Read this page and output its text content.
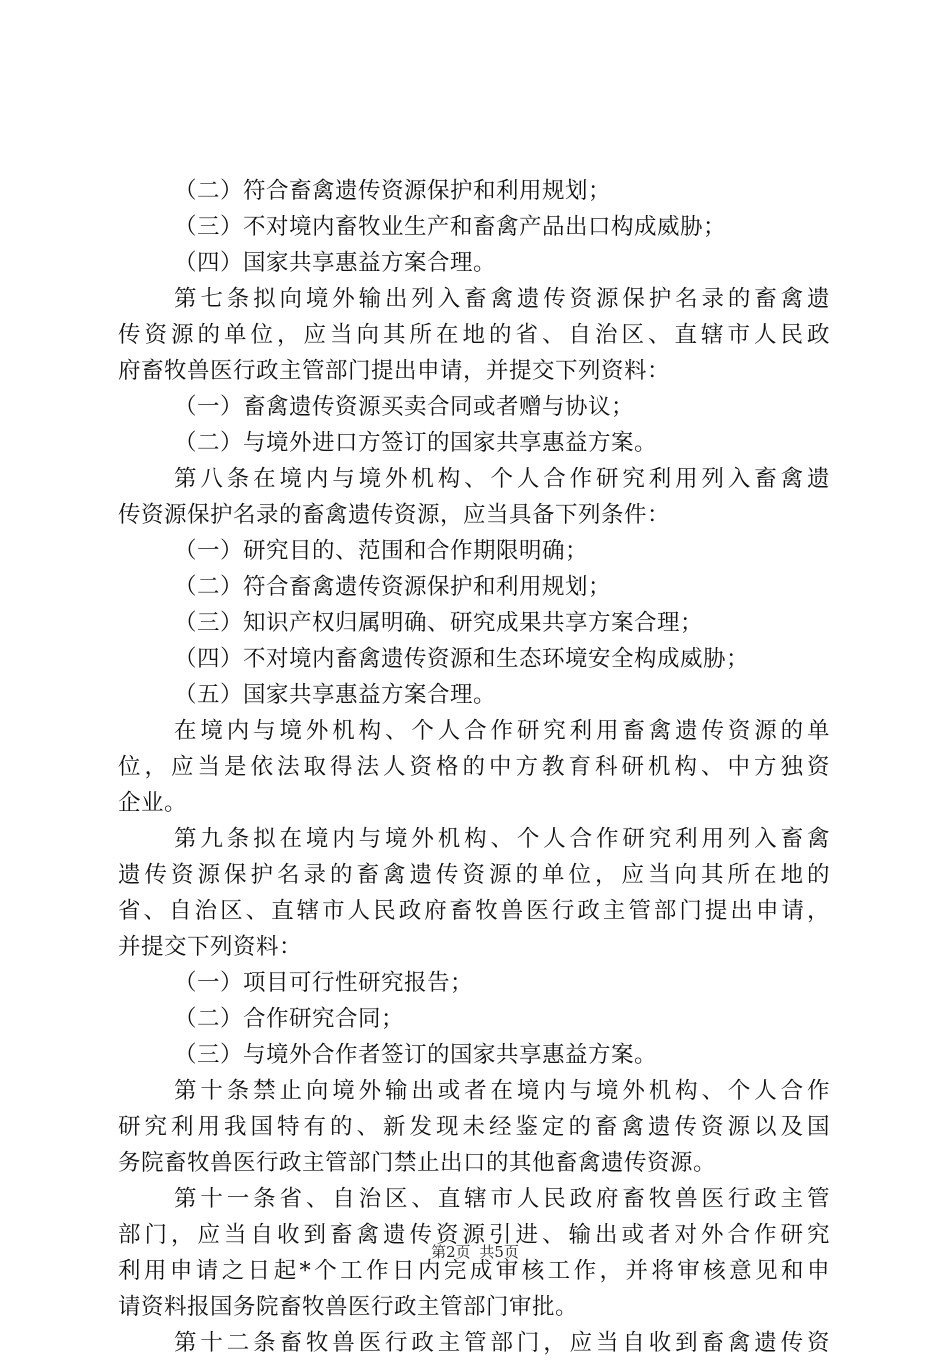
（二）符合畜禽遗传资源保护和利用规划；
（三）不对境内畜牧业生产和畜禽产品出口构成威胁；
（四）国家共享惠益方案合理。
第七条拟向境外输出列入畜禽遗传资源保护名录的畜禽遗
传资源的单位，应当向其所在地的省、自治区、直辖市人民政
府畜牧兽医行政主管部门提出申请，并提交下列资料：
（一）畜禽遗传资源买卖合同或者赠与协议；
（二）与境外进口方签订的国家共享惠益方案。
第八条在境内与境外机构、个人合作研究利用列入畜禽遗
传资源保护名录的畜禽遗传资源，应当具备下列条件：
（一）研究目的、范围和合作期限明确；
（二）符合畜禽遗传资源保护和利用规划；
（三）知识产权归属明确、研究成果共享方案合理；
（四）不对境内畜禽遗传资源和生态环境安全构成威胁；
（五）国家共享惠益方案合理。
在境内与境外机构、个人合作研究利用畜禽遗传资源的单
位，应当是依法取得法人资格的中方教育科研机构、中方独资
企业。
第九条拟在境内与境外机构、个人合作研究利用列入畜禽
遗传资源保护名录的畜禽遗传资源的单位，应当向其所在地的
省、自治区、直辖市人民政府畜牧兽医行政主管部门提出申请，
并提交下列资料：
（一）项目可行性研究报告；
（二）合作研究合同；
（三）与境外合作者签订的国家共享惠益方案。
第十条禁止向境外输出或者在境内与境外机构、个人合作
研究利用我国特有的、新发现未经鉴定的畜禽遗传资源以及国
务院畜牧兽医行政主管部门禁止出口的其他畜禽遗传资源。
第十一条省、自治区、直辖市人民政府畜牧兽医行政主管
部门，应当自收到畜禽遗传资源引进、输出或者对外合作研究
利用申请之日起*个工作日内完成审核工作，并将审核意见和申
请资料报国务院畜牧兽医行政主管部门审批。
第十二条畜牧兽医行政主管部门，应当自收到畜禽遗传资
第2页 共5页
